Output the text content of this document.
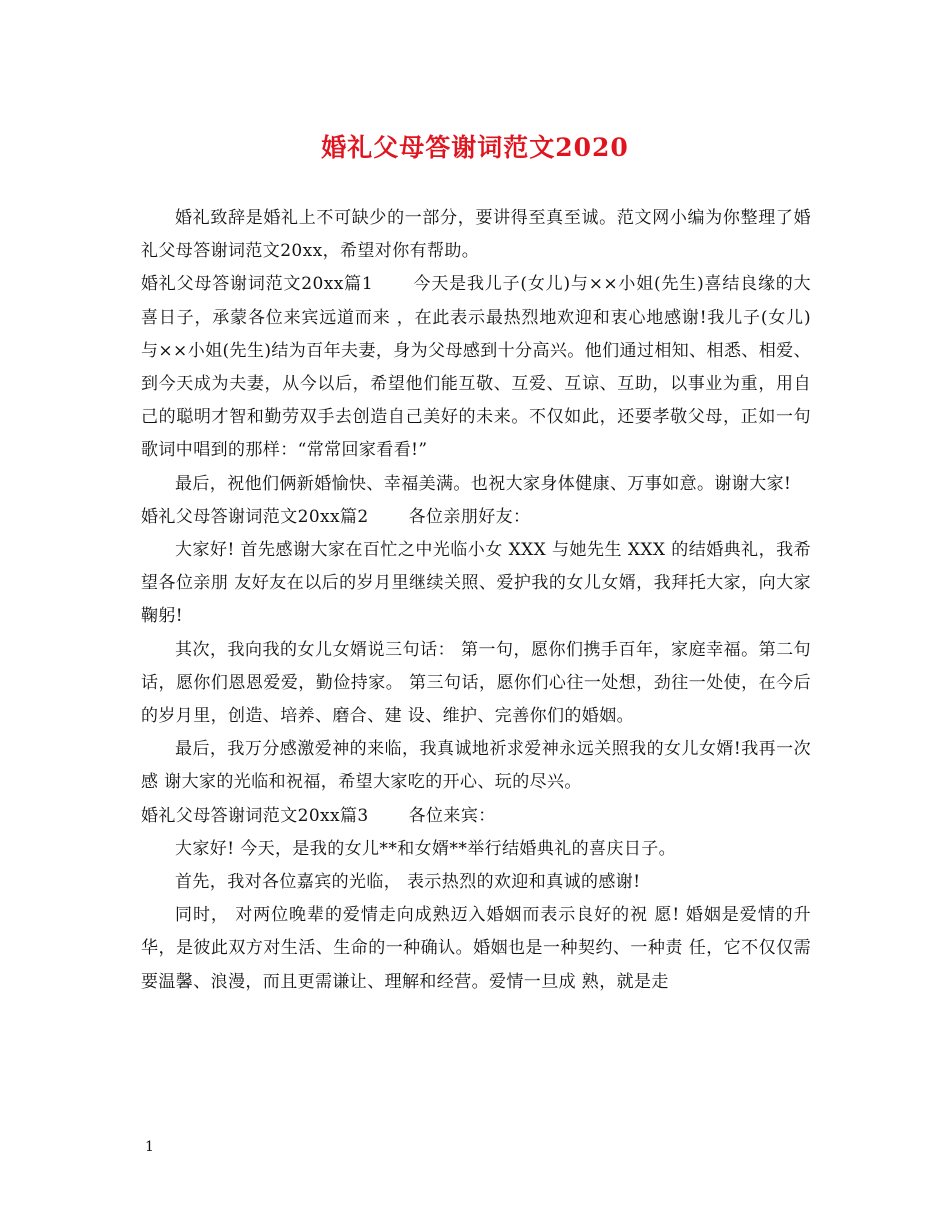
婚礼父母答谢词范文2020

婚礼致辞是婚礼上不可缺少的一部分，要讲得至真至诚。范文网小编为你整理了婚礼父母答谢词范文20xx，希望对你有帮助。

婚礼父母答谢词范文20xx篇1 今天是我儿子(女儿)与××小姐(先生)喜结良缘的大喜日子，承蒙各位来宾远道而来 ，在此表示最热烈地欢迎和衷心地感谢!我儿子(女儿)与××小姐(先生)结为百年夫妻，身为父母感到十分高兴。他们通过相知、相悉、相爱、到今天成为夫妻，从今以后，希望他们能互敬、互爱、互谅、互助，以事业为重，用自己的聪明才智和勤劳双手去创造自己美好的未来。不仅如此，还要孝敬父母，正如一句歌词中唱到的那样：“常常回家看看!”

最后，祝他们俩新婚愉快、幸福美满。也祝大家身体健康、万事如意。谢谢大家!

婚礼父母答谢词范文20xx篇2 各位亲朋好友：

大家好! 首先感谢大家在百忙之中光临小女 XXX 与她先生 XXX 的结婚典礼，我希望各位亲朋 友好友在以后的岁月里继续关照、爱护我的女儿女婿，我拜托大家，向大家鞠躬!

其次，我向我的女儿女婿说三句话： 第一句，愿你们携手百年，家庭幸福。第二句话，愿你们恩恩爱爱，勤俭持家。 第三句话，愿你们心往一处想，劲往一处使，在今后的岁月里，创造、培养、磨合、建 设、维护、完善你们的婚姻。

最后，我万分感激爱神的来临，我真诚地祈求爱神永远关照我的女儿女婿!我再一次感 谢大家的光临和祝福，希望大家吃的开心、玩的尽兴。

婚礼父母答谢词范文20xx篇3 各位来宾：

大家好! 今天，是我的女儿**和女婿**举行结婚典礼的喜庆日子。

首先，我对各位嘉宾的光临， 表示热烈的欢迎和真诚的感谢!

同时， 对两位晚辈的爱情走向成熟迈入婚姻而表示良好的祝 愿! 婚姻是爱情的升华，是彼此双方对生活、生命的一种确认。婚姻也是一种契约、一种责 任，它不仅仅需要温馨、浪漫，而且更需谦让、理解和经营。爱情一旦成 熟，就是走

1
